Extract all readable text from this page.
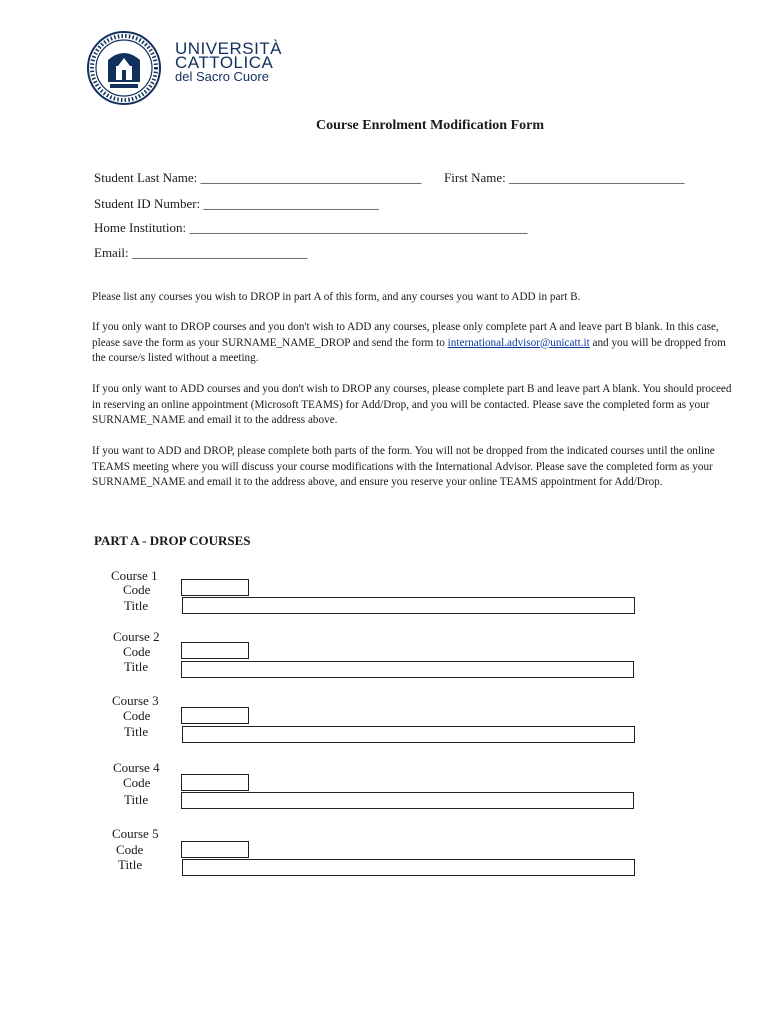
UNIVERSITÀ
CATTOLICA
del Sacro Cuore
Course Enrolment Modification Form
Student Last Name: __________________________________ First Name: ___________________________
Student ID Number: ___________________________
Home Institution: ____________________________________________________
Email: ___________________________
Please list any courses you wish to DROP in part A of this form, and any courses you want to ADD in part B.
If you only want to DROP courses and you don't wish to ADD any courses, please only complete part A and leave part B blank. In this case, please save the form as your SURNAME_NAME_DROP and send the form to international.advisor@unicatt.it and you will be dropped from the course/s listed without a meeting.
If you only want to ADD courses and you don't wish to DROP any courses, please complete part B and leave part A blank. You should proceed in reserving an online appointment (Microsoft TEAMS) for Add/Drop, and you will be contacted. Please save the completed form as your SURNAME_NAME and email it to the address above.
If you want to ADD and DROP, please complete both parts of the form. You will not be dropped from the indicated courses until the online TEAMS meeting where you will discuss your course modifications with the International Advisor. Please save the completed form as your SURNAME_NAME and email it to the address above, and ensure you reserve your online TEAMS appointment for Add/Drop.
PART A - DROP COURSES
Course 1
Code
Title
Course 2
Code
Title
Course 3
Code
Title
Course 4
Code
Title
Course 5
Code
Title
